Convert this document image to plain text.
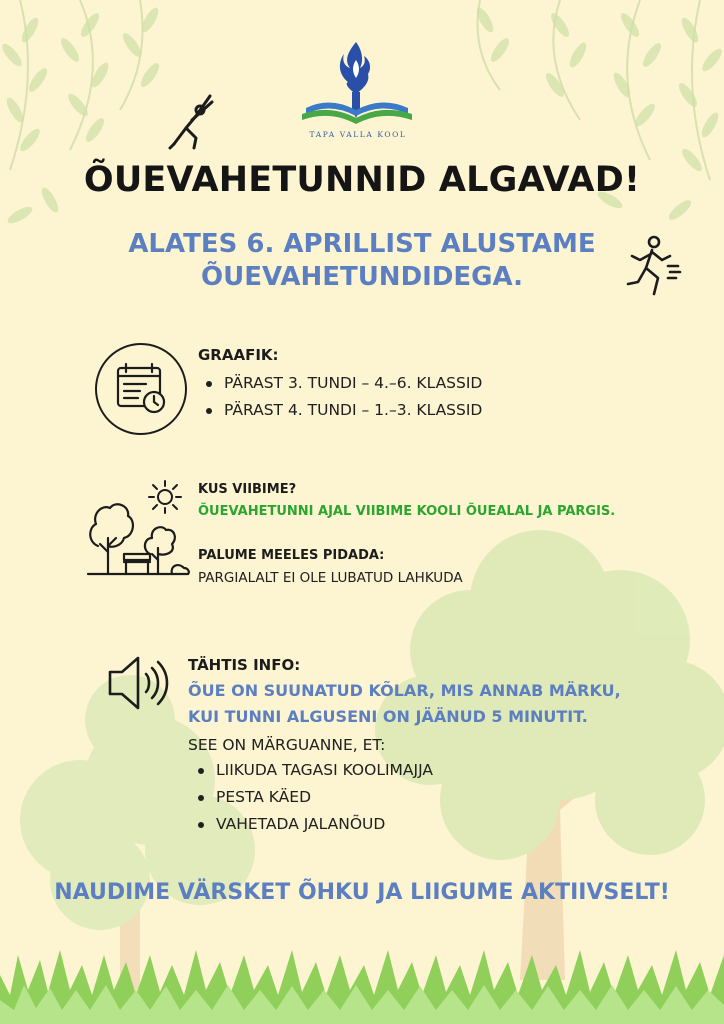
TAPA VALLA KOOL
ÕUEVAHETUNNID ALGAVAD!
ALATES 6. APRILLIST ALUSTAME
ÕUEVAHETUNDIDEGA.
GRAAFIK:
PÄRAST 3. TUNDI – 4.–6. KLASSID
PÄRAST 4. TUNDI – 1.–3. KLASSID
KUS VIIBIME?
ÕUEVAHETUNNI AJAL VIIBIME KOOLI ÕUEALAL JA PARGIS.
PALUME MEELES PIDADA:
PARGIALALT EI OLE LUBATUD LAHKUDA
TÄHTIS INFO:
ÕUE ON SUUNATUD KÕLAR, MIS ANNAB MÄRKU,
KUI TUNNI ALGUSENI ON JÄÄNUD 5 MINUTIT.
SEE ON MÄRGUANNE, ET:
LIIKUDA TAGASI KOOLIMAJJA
PESTA KÄED
VAHETADA JALANÕUD
NAUDIME VÄRSKET ÕHKU JA LIIGUME AKTIIVSELT!
